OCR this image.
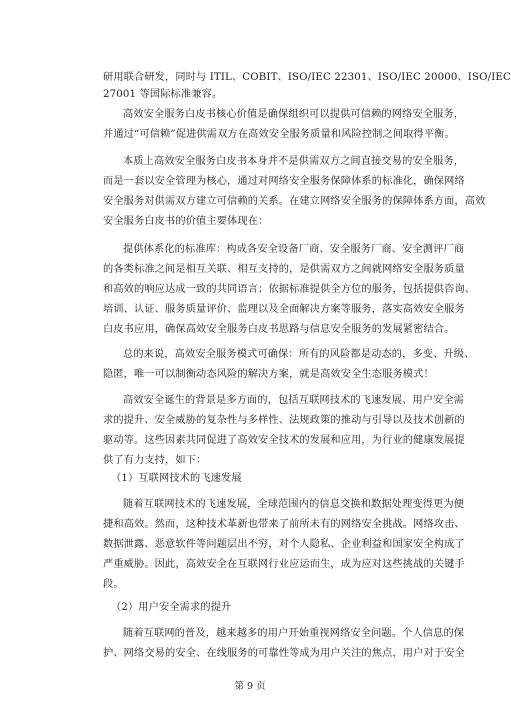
研用联合研发，同时与 ITIL、COBIT、ISO/IEC 22301、ISO/IEC 20000、ISO/IEC
27001 等国际标准兼容。

高效安全服务白皮书核心价值是确保组织可以提供可信赖的网络安全服务，
并通过“可信赖”促进供需双方在高效安全服务质量和风险控制之间取得平衡。

本质上高效安全服务白皮书本身并不是供需双方之间直接交易的安全服务，
而是一套以安全管理为核心，通过对网络安全服务保障体系的标准化，确保网络
安全服务对供需双方建立可信赖的关系。在建立网络安全服务的保障体系方面，高效
安全服务白皮书的价值主要体现在：

提供体系化的标准库：构成各安全设备厂商、安全服务厂商、安全测评厂商
的各类标准之间是相互关联、相互支持的，是供需双方之间就网络安全服务质量
和高效的响应达成一致的共同语言；依据标准提供全方位的服务，包括提供咨询、
培训、认证、服务质量评价、监理以及全面解决方案等服务，落实高效安全服务
白皮书应用，确保高效安全服务白皮书思路与信息安全服务的发展紧密结合。

总的来说，高效安全服务模式可确保：所有的风险都是动态的，多变、升级、
隐匿，唯一可以制衡动态风险的解决方案，就是高效安全生态服务模式！

高效安全诞生的背景是多方面的，包括互联网技术的飞速发展、用户安全需
求的提升、安全威胁的复杂性与多样性、法规政策的推动与引导以及技术创新的
驱动等。这些因素共同促进了高效安全技术的发展和应用，为行业的健康发展提
供了有力支持，如下：

（1）互联网技术的飞速发展

随着互联网技术的飞速发展，全球范围内的信息交换和数据处理变得更为便
捷和高效。然而，这种技术革新也带来了前所未有的网络安全挑战。网络攻击、
数据泄露、恶意软件等问题层出不穷，对个人隐私、企业利益和国家安全构成了
严重威胁。因此，高效安全在互联网行业应运而生，成为应对这些挑战的关键手
段。

（2）用户安全需求的提升

随着互联网的普及，越来越多的用户开始重视网络安全问题。个人信息的保
护、网络交易的安全、在线服务的可靠性等成为用户关注的焦点，用户对于安全

第 9 页
